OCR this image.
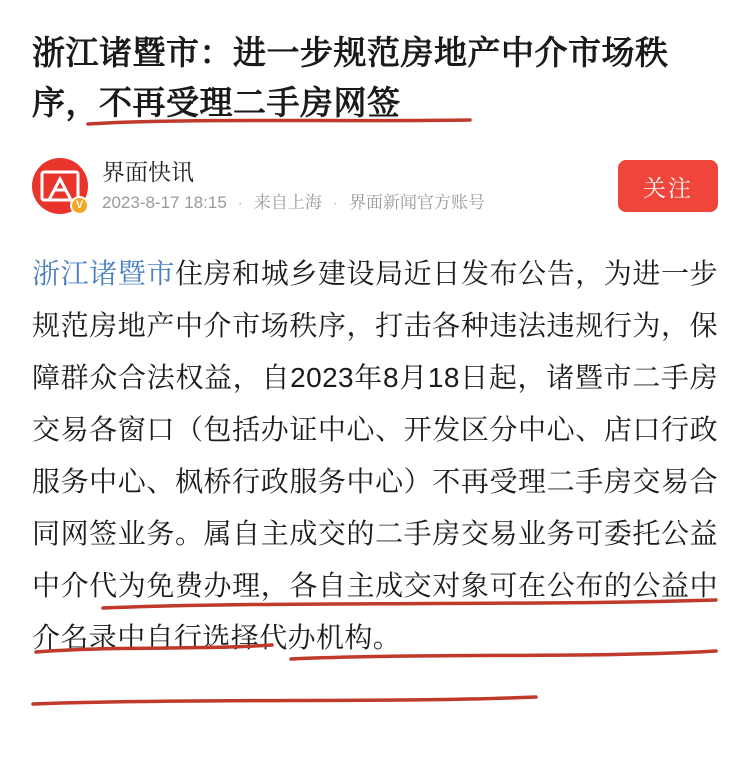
浙江诸暨市：进一步规范房地产中介市场秩序，不再受理二手房网签
V
界面快讯
2023-8-17 18:15 · 来自上海 · 界面新闻官方账号
关注
浙江诸暨市住房和城乡建设局近日发布公告，为进一步规范房地产中介市场秩序，打击各种违法违规行为，保障群众合法权益，自2023年8月18日起，诸暨市二手房交易各窗口（包括办证中心、开发区分中心、店口行政服务中心、枫桥行政服务中心）不再受理二手房交易合同网签业务。属自主成交的二手房交易业务可委托公益中介代为免费办理，各自主成交对象可在公布的公益中介名录中自行选择代办机构。
